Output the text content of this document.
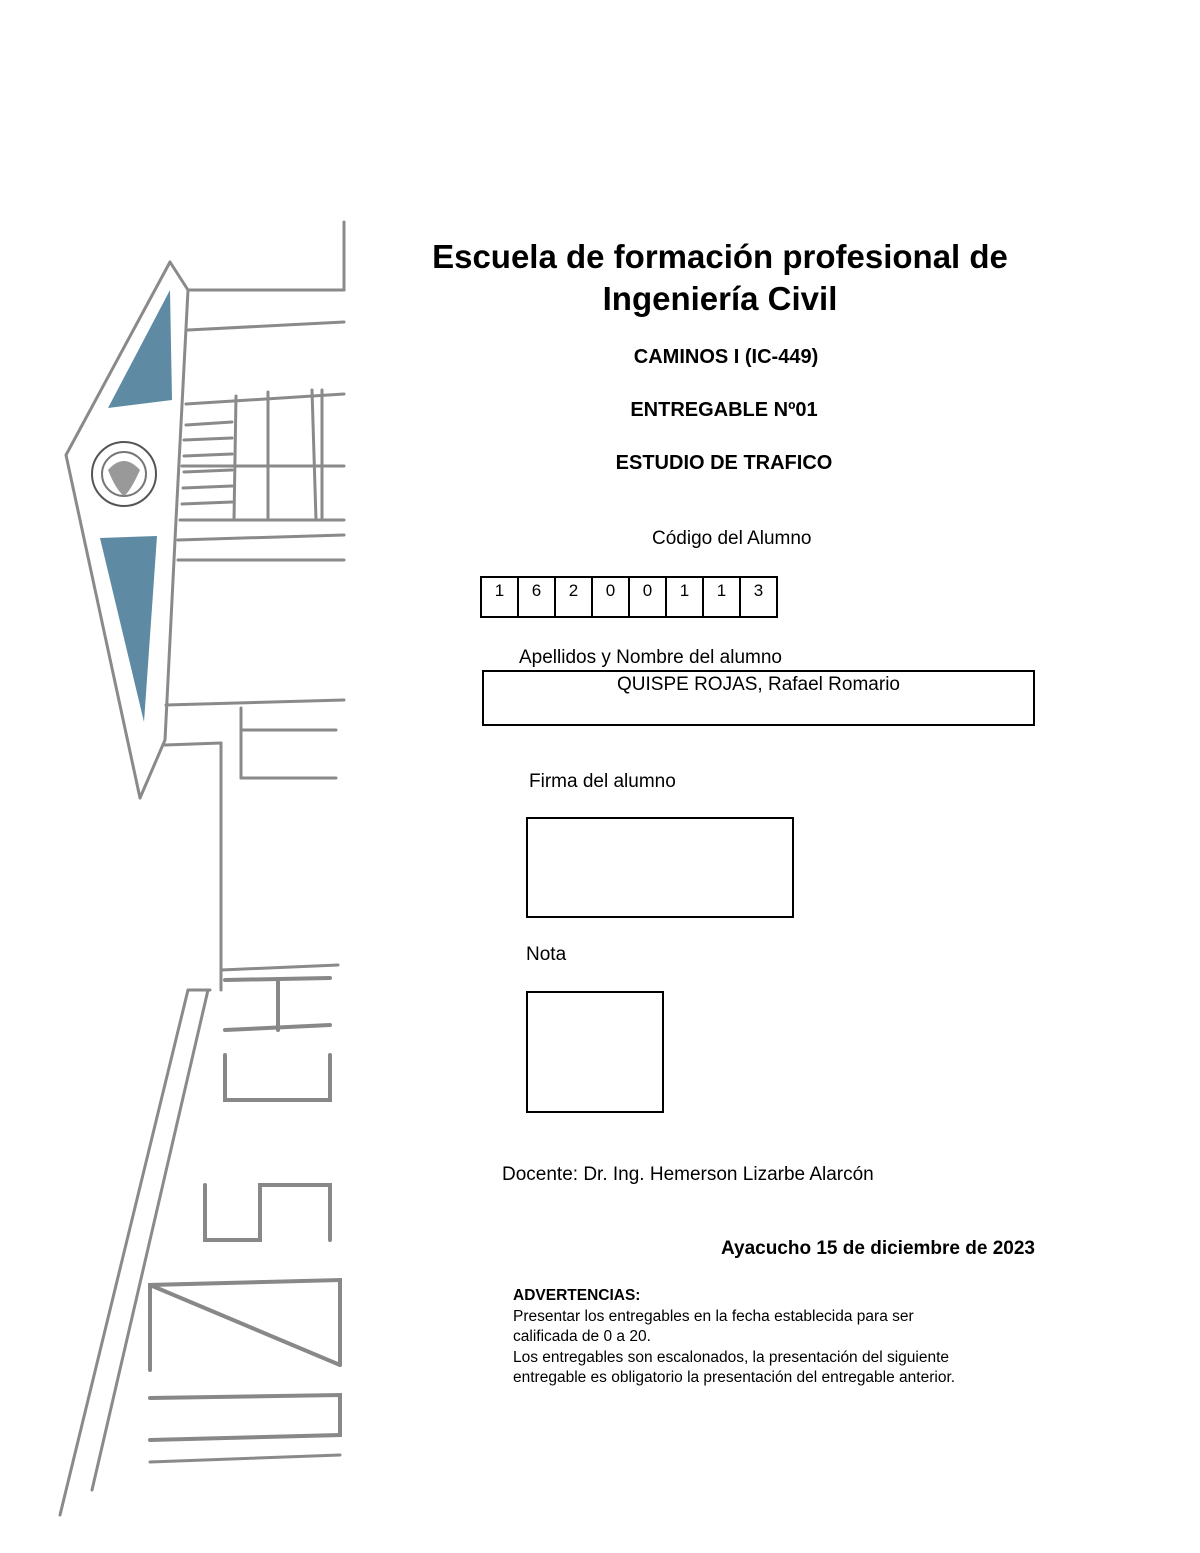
Escuela de formación profesional de
Ingeniería Civil
CAMINOS I (IC-449)
ENTREGABLE Nº01
ESTUDIO DE TRAFICO
Código del Alumno
1	6	2	0	0	1	1	3
Apellidos y Nombre del alumno
QUISPE ROJAS, Rafael Romario
Firma del alumno
Nota
Docente: Dr. Ing. Hemerson Lizarbe Alarcón
Ayacucho 15 de diciembre de 2023
ADVERTENCIAS:
Presentar los entregables en la fecha establecida para ser
calificada de 0 a 20.
Los entregables son escalonados, la presentación del siguiente
entregable es obligatorio la presentación del entregable anterior.
